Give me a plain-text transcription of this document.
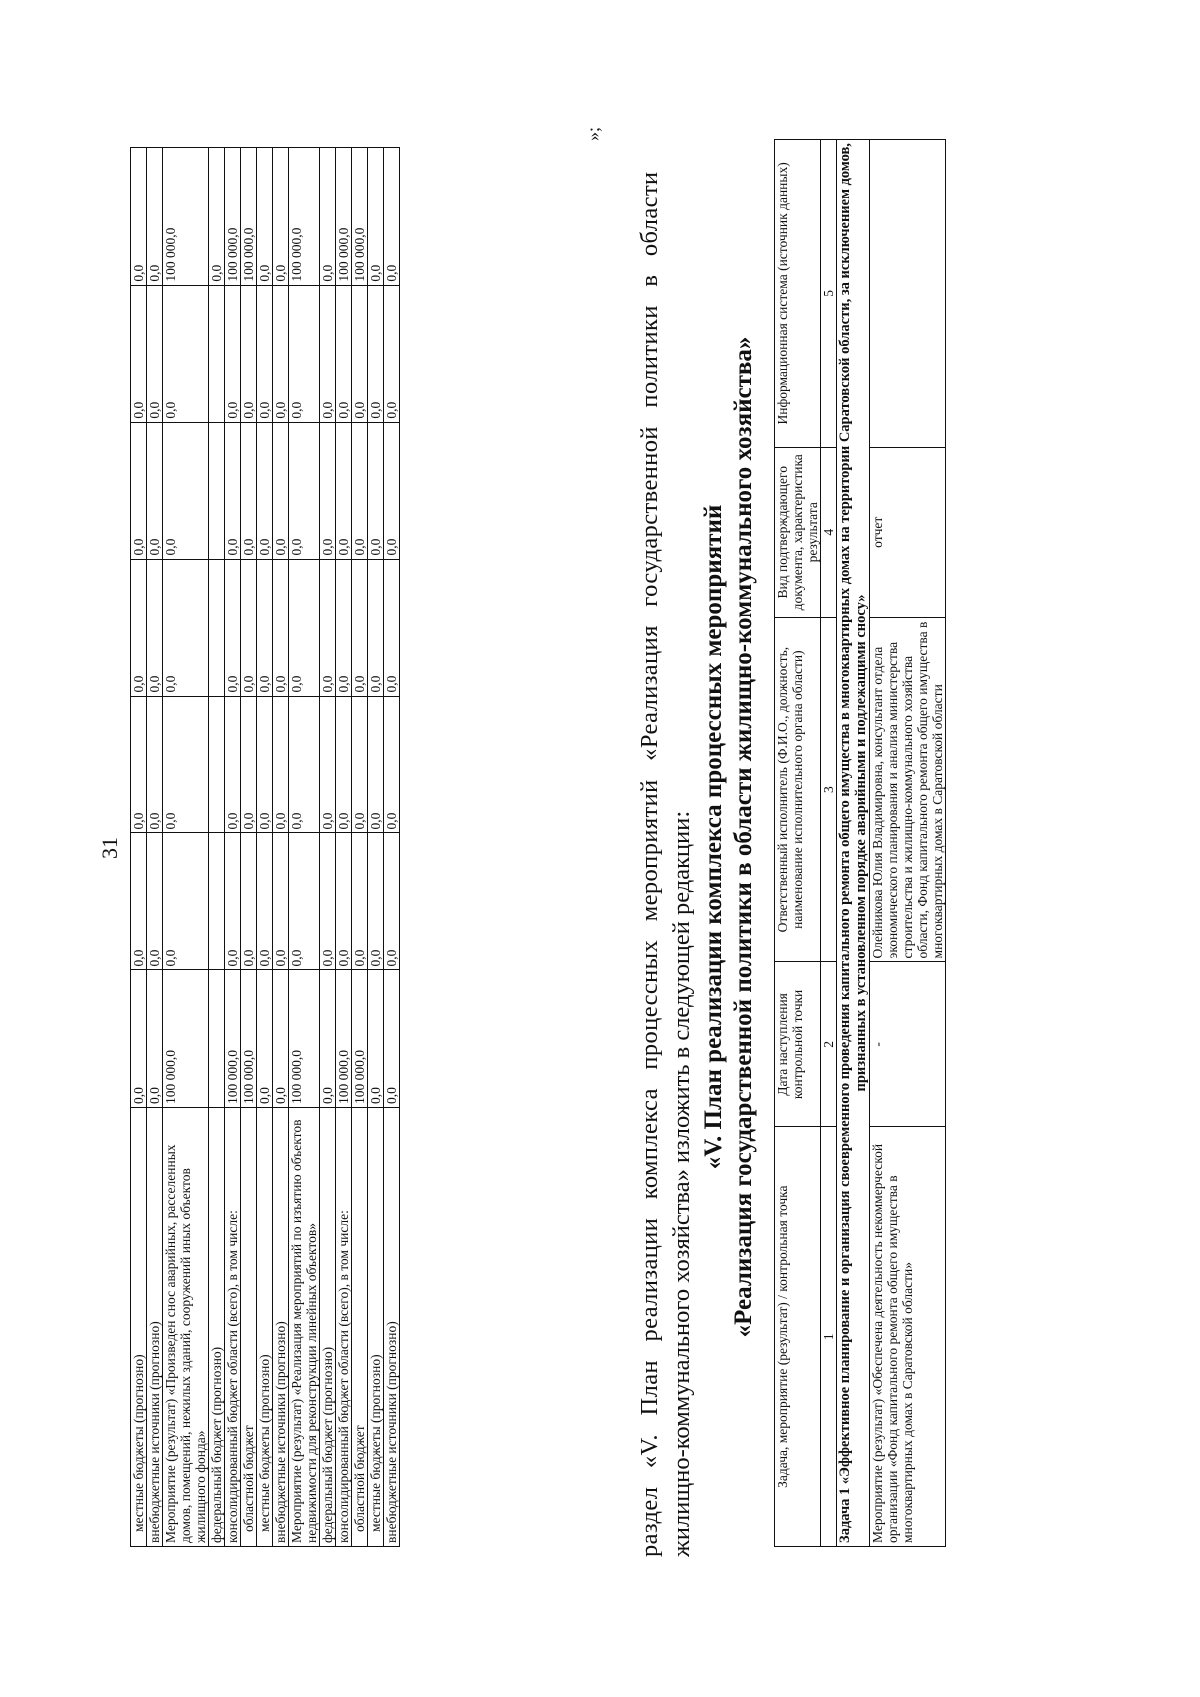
31
местные бюджеты (прогнозно)	0,0	0,0	0,0	0,0	0,0	0,0	0,0
внебюджетные источники (прогнозно)	0,0	0,0	0,0	0,0	0,0	0,0	0,0
Мероприятие (результат) «Произведен снос аварийных, расселенных домов, помещений, нежилых зданий, сооружений иных объектов жилищного фонда»	100 000,0	0,0	0,0	0,0	0,0	0,0	100 000,0
федеральный бюджет (прогнозно)							0,0
консолидированный бюджет области (всего), в том числе:	100 000,0	0,0	0,0	0,0	0,0	0,0	100 000,0
областной бюджет	100 000,0	0,0	0,0	0,0	0,0	0,0	100 000,0
местные бюджеты (прогнозно)	0,0	0,0	0,0	0,0	0,0	0,0	0,0
внебюджетные источники (прогнозно)	0,0	0,0	0,0	0,0	0,0	0,0	0,0
Мероприятие (результат) «Реализация мероприятий по изъятию объектов недвижимости для реконструкции линейных объектов»	100 000,0	0,0	0,0	0,0	0,0	0,0	100 000,0
федеральный бюджет (прогнозно)	0,0	0,0	0,0	0,0	0,0	0,0	0,0
консолидированный бюджет области (всего), в том числе:	100 000,0	0,0	0,0	0,0	0,0	0,0	100 000,0
областной бюджет	100 000,0	0,0	0,0	0,0	0,0	0,0	100 000,0
местные бюджеты (прогнозно)	0,0	0,0	0,0	0,0	0,0	0,0	0,0
внебюджетные источники (прогнозно)	0,0	0,0	0,0	0,0	0,0	0,0	0,0
»;
раздел «V. План реализации комплекса процессных мероприятий «Реализация государственной политики в области жилищно-коммунального хозяйства» изложить в следующей редакции: «V. План реализации комплекса процессных мероприятий «Реализация государственной политики в области жилищно-коммунального хозяйства» Задача, мероприятие (результат) / контрольная точка	Дата наступления контрольной точки	Ответственный исполнитель (Ф.И.О., должность, наименование исполнительного органа области)	Вид подтверждающего документа, характеристика результата	Информационная система (источник данных)
1	2	3	4	5
Задача 1 «Эффективное планирование и организация своевременного проведения капитального ремонта общего имущества в многоквартирных домах на территории Саратовской области, за исключением домов, признанных в установленном порядке аварийными и подлежащими сносу»				
Мероприятие (результат) «Обеспечена деятельность некоммерческой организации «Фонд капитального ремонта общего имущества в многоквартирных домах в Саратовской области»	-	Олейникова Юлия Владимировна, консультант отдела экономического планирования и анализа министерства строительства и жилищно-коммунального хозяйства области, Фонд капитального ремонта общего имущества в многоквартирных домах в Саратовской области	отчет	
